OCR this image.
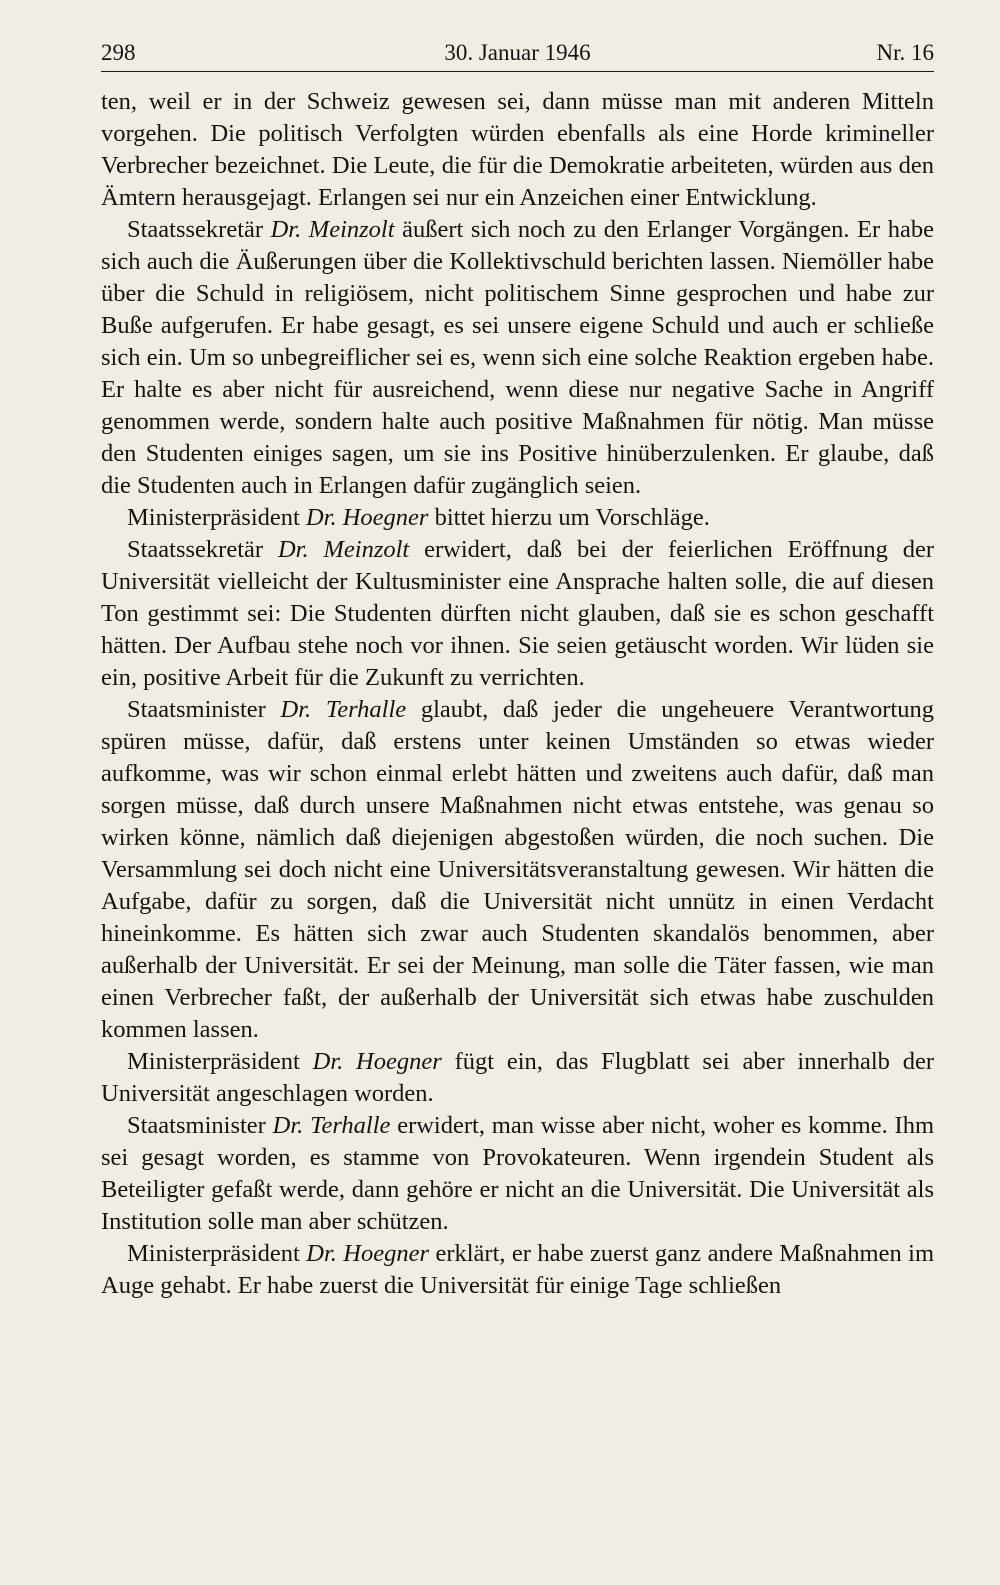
298	30. Januar 1946	Nr. 16

ten, weil er in der Schweiz gewesen sei, dann müsse man mit anderen Mitteln vorgehen. Die politisch Verfolgten würden ebenfalls als eine Horde krimineller Verbrecher bezeichnet. Die Leute, die für die Demokratie arbeiteten, würden aus den Ämtern herausgejagt. Erlangen sei nur ein Anzeichen einer Entwicklung.

Staatssekretär Dr. Meinzolt äußert sich noch zu den Erlanger Vorgängen. Er habe sich auch die Äußerungen über die Kollektivschuld berichten lassen. Niemöller habe über die Schuld in religiösem, nicht politischem Sinne gesprochen und habe zur Buße aufgerufen. Er habe gesagt, es sei unsere eigene Schuld und auch er schließe sich ein. Um so unbegreiflicher sei es, wenn sich eine solche Reaktion ergeben habe. Er halte es aber nicht für ausreichend, wenn diese nur negative Sache in Angriff genommen werde, sondern halte auch positive Maßnahmen für nötig. Man müsse den Studenten einiges sagen, um sie ins Positive hinüberzulenken. Er glaube, daß die Studenten auch in Erlangen dafür zugänglich seien.

Ministerpräsident Dr. Hoegner bittet hierzu um Vorschläge.

Staatssekretär Dr. Meinzolt erwidert, daß bei der feierlichen Eröffnung der Universität vielleicht der Kultusminister eine Ansprache halten solle, die auf diesen Ton gestimmt sei: Die Studenten dürften nicht glauben, daß sie es schon geschafft hätten. Der Aufbau stehe noch vor ihnen. Sie seien getäuscht worden. Wir lüden sie ein, positive Arbeit für die Zukunft zu verrichten.

Staatsminister Dr. Terhalle glaubt, daß jeder die ungeheuere Verantwortung spüren müsse, dafür, daß erstens unter keinen Umständen so etwas wieder aufkomme, was wir schon einmal erlebt hätten und zweitens auch dafür, daß man sorgen müsse, daß durch unsere Maßnahmen nicht etwas entstehe, was genau so wirken könne, nämlich daß diejenigen abgestoßen würden, die noch suchen. Die Versammlung sei doch nicht eine Universitätsveranstaltung gewesen. Wir hätten die Aufgabe, dafür zu sorgen, daß die Universität nicht unnütz in einen Verdacht hineinkomme. Es hätten sich zwar auch Studenten skandalös benommen, aber außerhalb der Universität. Er sei der Meinung, man solle die Täter fassen, wie man einen Verbrecher faßt, der außerhalb der Universität sich etwas habe zuschulden kommen lassen.

Ministerpräsident Dr. Hoegner fügt ein, das Flugblatt sei aber innerhalb der Universität angeschlagen worden.

Staatsminister Dr. Terhalle erwidert, man wisse aber nicht, woher es komme. Ihm sei gesagt worden, es stamme von Provokateuren. Wenn irgendein Student als Beteiligter gefaßt werde, dann gehöre er nicht an die Universität. Die Universität als Institution solle man aber schützen.

Ministerpräsident Dr. Hoegner erklärt, er habe zuerst ganz andere Maßnahmen im Auge gehabt. Er habe zuerst die Universität für einige Tage schließen
